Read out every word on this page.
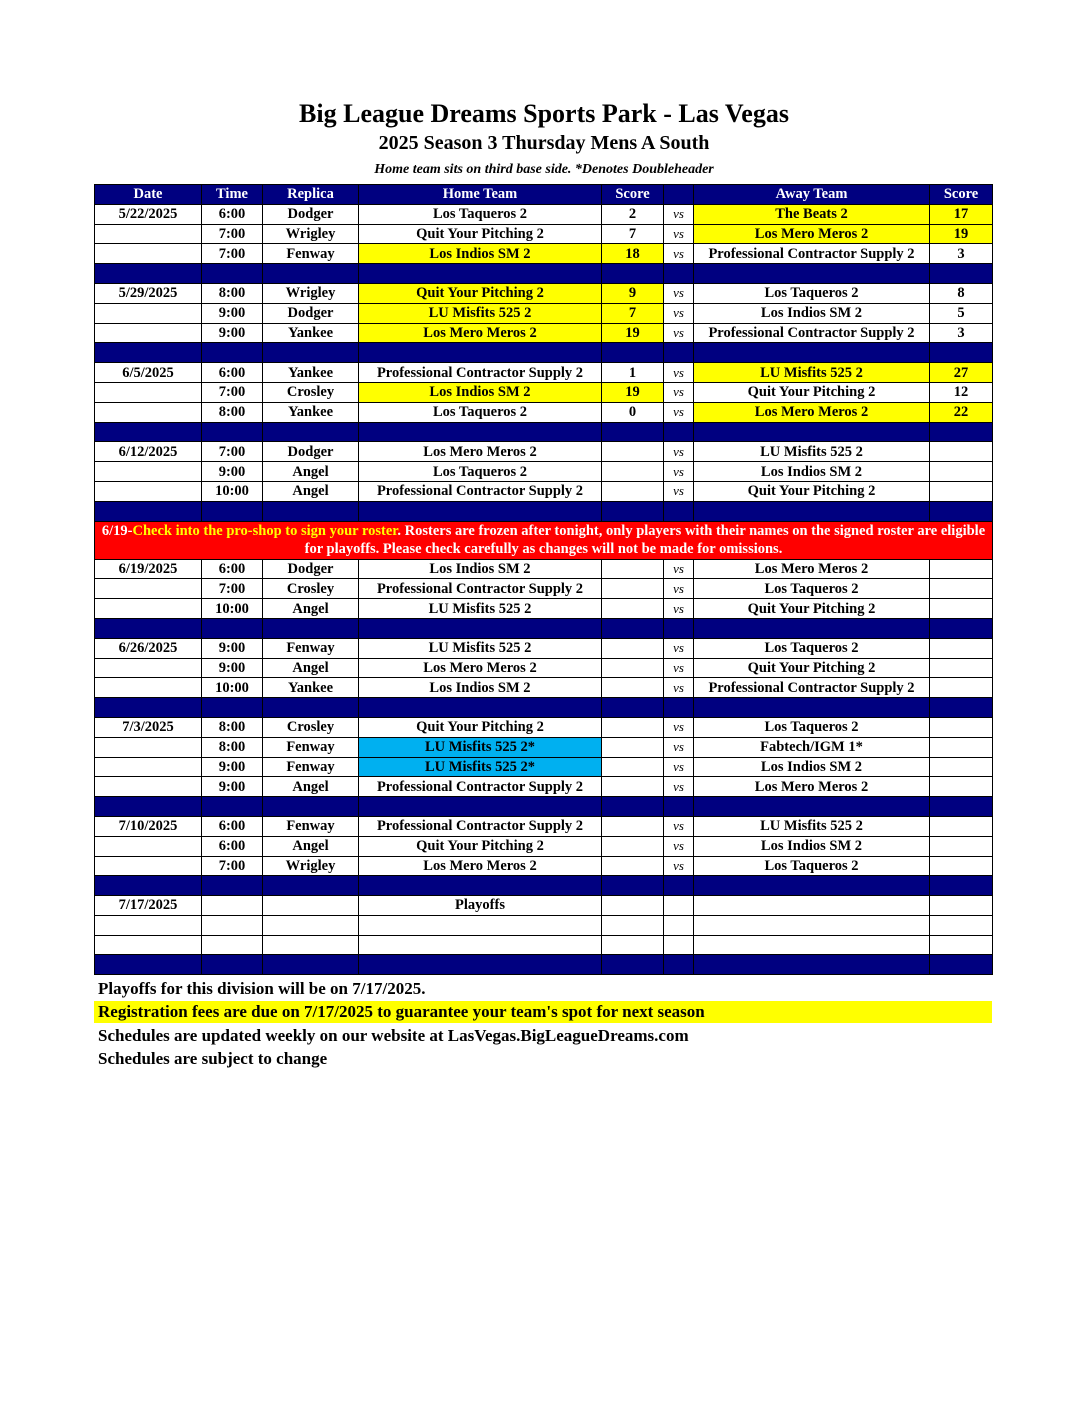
Big League Dreams Sports Park - Las Vegas
2025 Season 3 Thursday Mens A South
Home team sits on third base side. *Denotes Doubleheader
Date	Time	Replica	Home Team	Score		Away Team	Score
5/22/2025	6:00	Dodger	Los Taqueros 2	2	vs	The Beats 2	17
	7:00	Wrigley	Quit Your Pitching 2	7	vs	Los Mero Meros 2	19
	7:00	Fenway	Los Indios SM 2	18	vs	Professional Contractor Supply 2	3

5/29/2025	8:00	Wrigley	Quit Your Pitching 2	9	vs	Los Taqueros 2	8
	9:00	Dodger	LU Misfits 525 2	7	vs	Los Indios SM 2	5
	9:00	Yankee	Los Mero Meros 2	19	vs	Professional Contractor Supply 2	3

6/5/2025	6:00	Yankee	Professional Contractor Supply 2	1	vs	LU Misfits 525 2	27
	7:00	Crosley	Los Indios SM 2	19	vs	Quit Your Pitching 2	12
	8:00	Yankee	Los Taqueros 2	0	vs	Los Mero Meros 2	22

6/12/2025	7:00	Dodger	Los Mero Meros 2		vs	LU Misfits 525 2	
	9:00	Angel	Los Taqueros 2		vs	Los Indios SM 2	
	10:00	Angel	Professional Contractor Supply 2		vs	Quit Your Pitching 2	

6/19-Check into the pro-shop to sign your roster. Rosters are frozen after tonight, only players with their names on the signed roster are eligible for playoffs. Please check carefully as changes will not be made for omissions.							
6/19/2025	6:00	Dodger	Los Indios SM 2		vs	Los Mero Meros 2	
	7:00	Crosley	Professional Contractor Supply 2		vs	Los Taqueros 2	
	10:00	Angel	LU Misfits 525 2		vs	Quit Your Pitching 2	

6/26/2025	9:00	Fenway	LU Misfits 525 2		vs	Los Taqueros 2	
	9:00	Angel	Los Mero Meros 2		vs	Quit Your Pitching 2	
	10:00	Yankee	Los Indios SM 2		vs	Professional Contractor Supply 2	

7/3/2025	8:00	Crosley	Quit Your Pitching 2		vs	Los Taqueros 2	
	8:00	Fenway	LU Misfits 525 2*		vs	Fabtech/IGM 1*	
	9:00	Fenway	LU Misfits 525 2*		vs	Los Indios SM 2	
	9:00	Angel	Professional Contractor Supply 2		vs	Los Mero Meros 2	

7/10/2025	6:00	Fenway	Professional Contractor Supply 2		vs	LU Misfits 525 2	
	6:00	Angel	Quit Your Pitching 2		vs	Los Indios SM 2	
	7:00	Wrigley	Los Mero Meros 2		vs	Los Taqueros 2	

7/17/2025			Playoffs				

Playoffs for this division will be on 7/17/2025.
Registration fees are due on 7/17/2025 to guarantee your team's spot for next season
Schedules are updated weekly on our website at LasVegas.BigLeagueDreams.com
Schedules are subject to change
